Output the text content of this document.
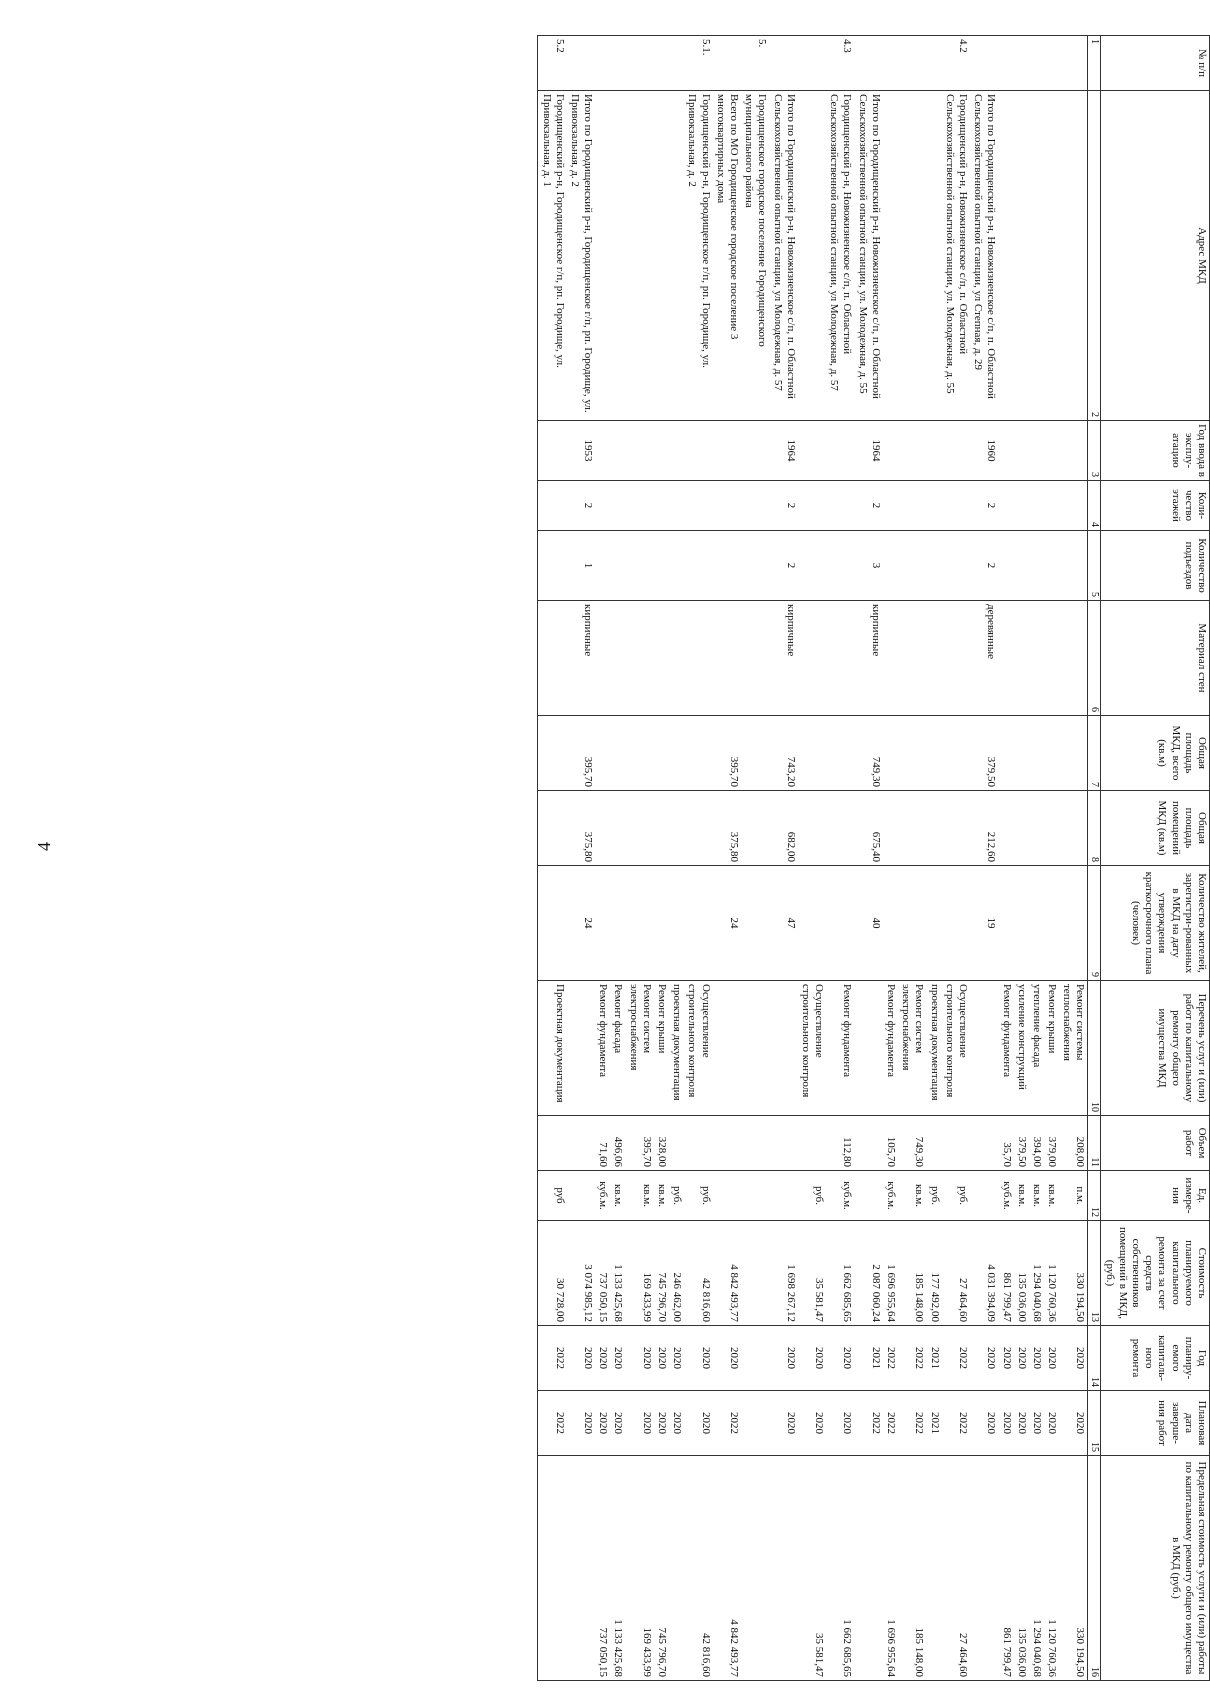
4
№ п/п	Адрес МКД	Год ввода в эксплу-атацию	Коли-чество этажей	Количество подъездов	Материал стен	Общая площадь МКД, всего (кв.м)	Общая площадь помещений МКД (кв.м)	Количество жителей, зарегистри-рованных в МКД на дату утверждения краткосрочного плана (человек)	Перечень услуг и (или) работ по капитальному ремонту общего имущества МКД	Объем работ	Ед. измере-ния	Стоимость планируемого капитального ремонта за счет средств собственников помещений в МКД, (руб.)	Год планиру-емого капиталь-ного ремонта	Плановая дата заверше-ния работ	Предельная стоимость услуги и (или) работы по капитальному ремонту общего имущества в МКД (руб.)
1	2	3	4	5	6	7	8	9	10	11	12	13	14	15	16
									Ремонт системы теплоснабжения	208,00	п.м.	330 194,50	2020	2020	330 194,50
									Ремонт крыши	379,00	кв.м.	1 120 760,36	2020	2020	1 120 760,36
									утепление фасада	394,00	кв.м.	1 294 040,68	2020	2020	1 294 040,68
									усиление конструкций	379,50	кв.м.	135 036,00	2020	2020	135 036,00
									Ремонт фундамента	35,70	куб.м.	861 799,47	2020	2020	861 799,47
	Итого по Городищенский р-н, Новожизненское с/п, п. Областной Сельскохозяйственной опытной станции, ул Степная, д. 29	1960	2	2	деревянные	379,50	212,60	19				4 031 394,09	2020	2020	
4.2	Городищенский р-н, Новожизненское с/п, п. Областной Сельскохозяйственной опытной станции, ул. Молодежная, д. 55								Осуществление строительного контроля		руб.	27 464,60	2022	2022	27 464,60
									проектная документация		руб.	177 492,00	2021	2021	
									Ремонт систем электроснабжения	749,30	кв.м.	185 148,00	2022	2022	185 148,00
									Ремонт фундамента	105,70	куб.м.	1 696 955,64	2022	2022	1 696 955,64
	Итого по Городищенский р-н, Новожизненское с/п, п. Областной Сельскохозяйственной опытной станции, ул. Молодежная, д. 55	1964	2	3	кирпичные	749,30	675,40	40				2 087 060,24	2021	2022	
4.3	Городищенский р-н, Новожизненское с/п, п. Областной Сельскохозяйственной опытной станции, ул Молодежная, д. 57								Ремонт фундамента	112,80	куб.м.	1 662 685,65	2020	2020	1 662 685,65
									Осуществление строительного контроля		руб.	35 581,47	2020	2020	35 581,47
	Итого по Городищенский р-н, Новожизненское с/п, п. Областной Сельскохозяйственной опытной станции, ул Молодежная, д. 57	1964	2	2	кирпичные	743,20	682,00	47				1 698 267,12	2020	2020	
5.	Городищенское городское поселение Городищенского муниципального района														
	Всего по МО Городищенское городское поселение 3 многоквартирных дома					395,70	375,80	24				4 842 493,77	2020	2022	4 842 493,77
5.1.	Городищенский р-н, Городищенское г/п, рп. Городище, ул. Привокзальная, д. 2								Осуществление строительного контроля		руб.	42 816,60	2020	2020	42 816,60
									проектная документация		руб.	246 462,00	2020	2020	
									Ремонт крыши	328,00	кв.м.	745 796,70	2020	2020	745 796,70
									Ремонт систем электроснабжения	395,70	кв.м.	169 433,99	2020	2020	169 433,99
									Ремонт фасада	496,06	кв.м.	1 133 425,68	2020	2020	1 133 425,68
									Ремонт фундамента	71,60	куб.м.	737 050,15	2020	2020	737 050,15
	Итого по Городищенский р-н, Городищенское г/п, рп. Городище, ул. Привокзальная, д. 2	1953	2	1	кирпичные	395,70	375,80	24				3 074 985,12	2020	2020	
5.2	Городищенский р-н, Городищенское г/п, рп. Городище, ул. Привокзальная, д. 1								Проектная документация		руб	30 728,00	2022	2022	
